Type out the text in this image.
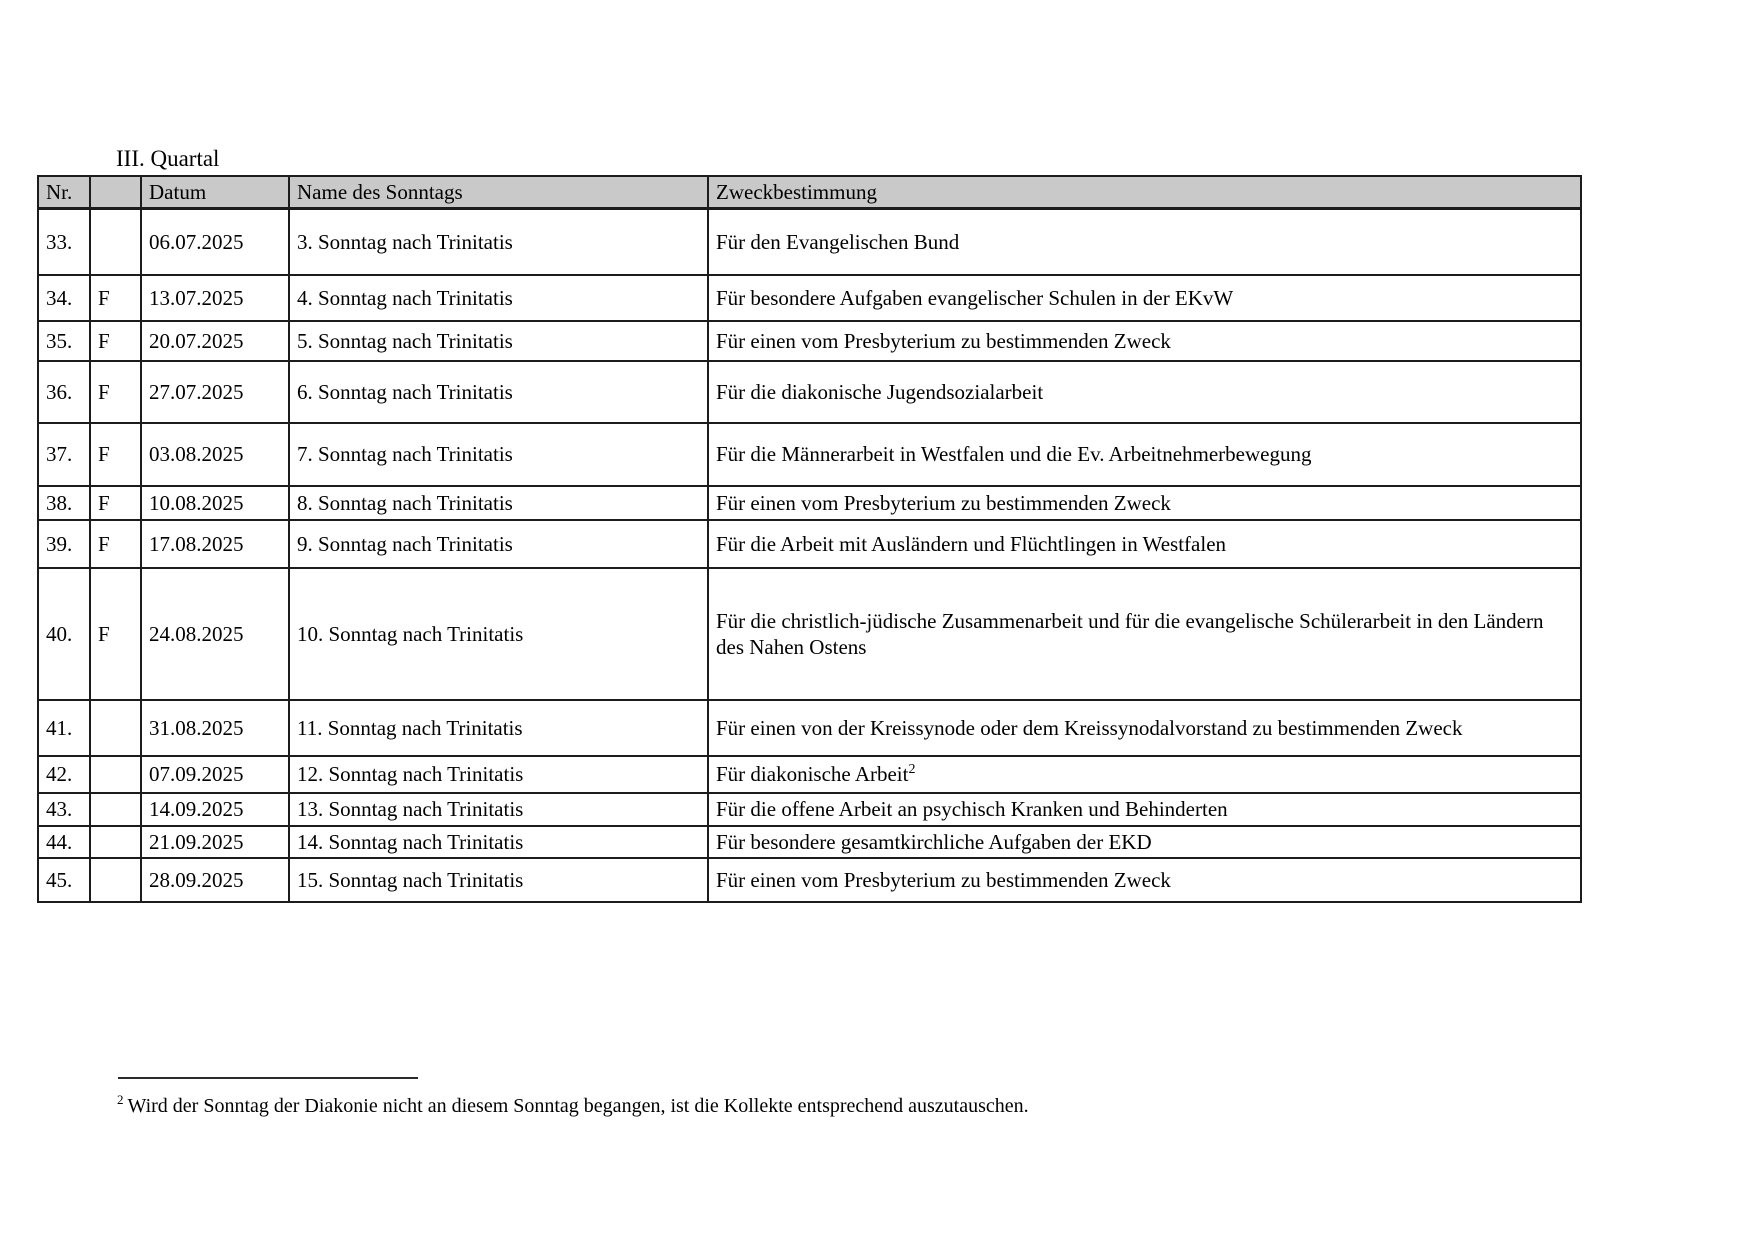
III. Quartal
Nr.		Datum	Name des Sonntags	Zweckbestimmung
33.		06.07.2025	3. Sonntag nach Trinitatis	Für den Evangelischen Bund
34.	F	13.07.2025	4. Sonntag nach Trinitatis	Für besondere Aufgaben evangelischer Schulen in der EKvW
35.	F	20.07.2025	5. Sonntag nach Trinitatis	Für einen vom Presbyterium zu bestimmenden Zweck
36.	F	27.07.2025	6. Sonntag nach Trinitatis	Für die diakonische Jugendsozialarbeit
37.	F	03.08.2025	7. Sonntag nach Trinitatis	Für die Männerarbeit in Westfalen und die Ev. Arbeitnehmerbewegung
38.	F	10.08.2025	8. Sonntag nach Trinitatis	Für einen vom Presbyterium zu bestimmenden Zweck
39.	F	17.08.2025	9. Sonntag nach Trinitatis	Für die Arbeit mit Ausländern und Flüchtlingen in Westfalen
40.	F	24.08.2025	10. Sonntag nach Trinitatis	Für die christlich-jüdische Zusammenarbeit und für die evangelische Schülerarbeit in den Ländern des Nahen Ostens
41.		31.08.2025	11. Sonntag nach Trinitatis	Für einen von der Kreissynode oder dem Kreissynodalvorstand zu bestimmenden Zweck
42.		07.09.2025	12. Sonntag nach Trinitatis	Für diakonische Arbeit$^2$
43.		14.09.2025	13. Sonntag nach Trinitatis	Für die offene Arbeit an psychisch Kranken und Behinderten
44.		21.09.2025	14. Sonntag nach Trinitatis	Für besondere gesamtkirchliche Aufgaben der EKD
45.		28.09.2025	15. Sonntag nach Trinitatis	Für einen vom Presbyterium zu bestimmenden Zweck
$^2$ Wird der Sonntag der Diakonie nicht an diesem Sonntag begangen, ist die Kollekte entsprechend auszutauschen.
